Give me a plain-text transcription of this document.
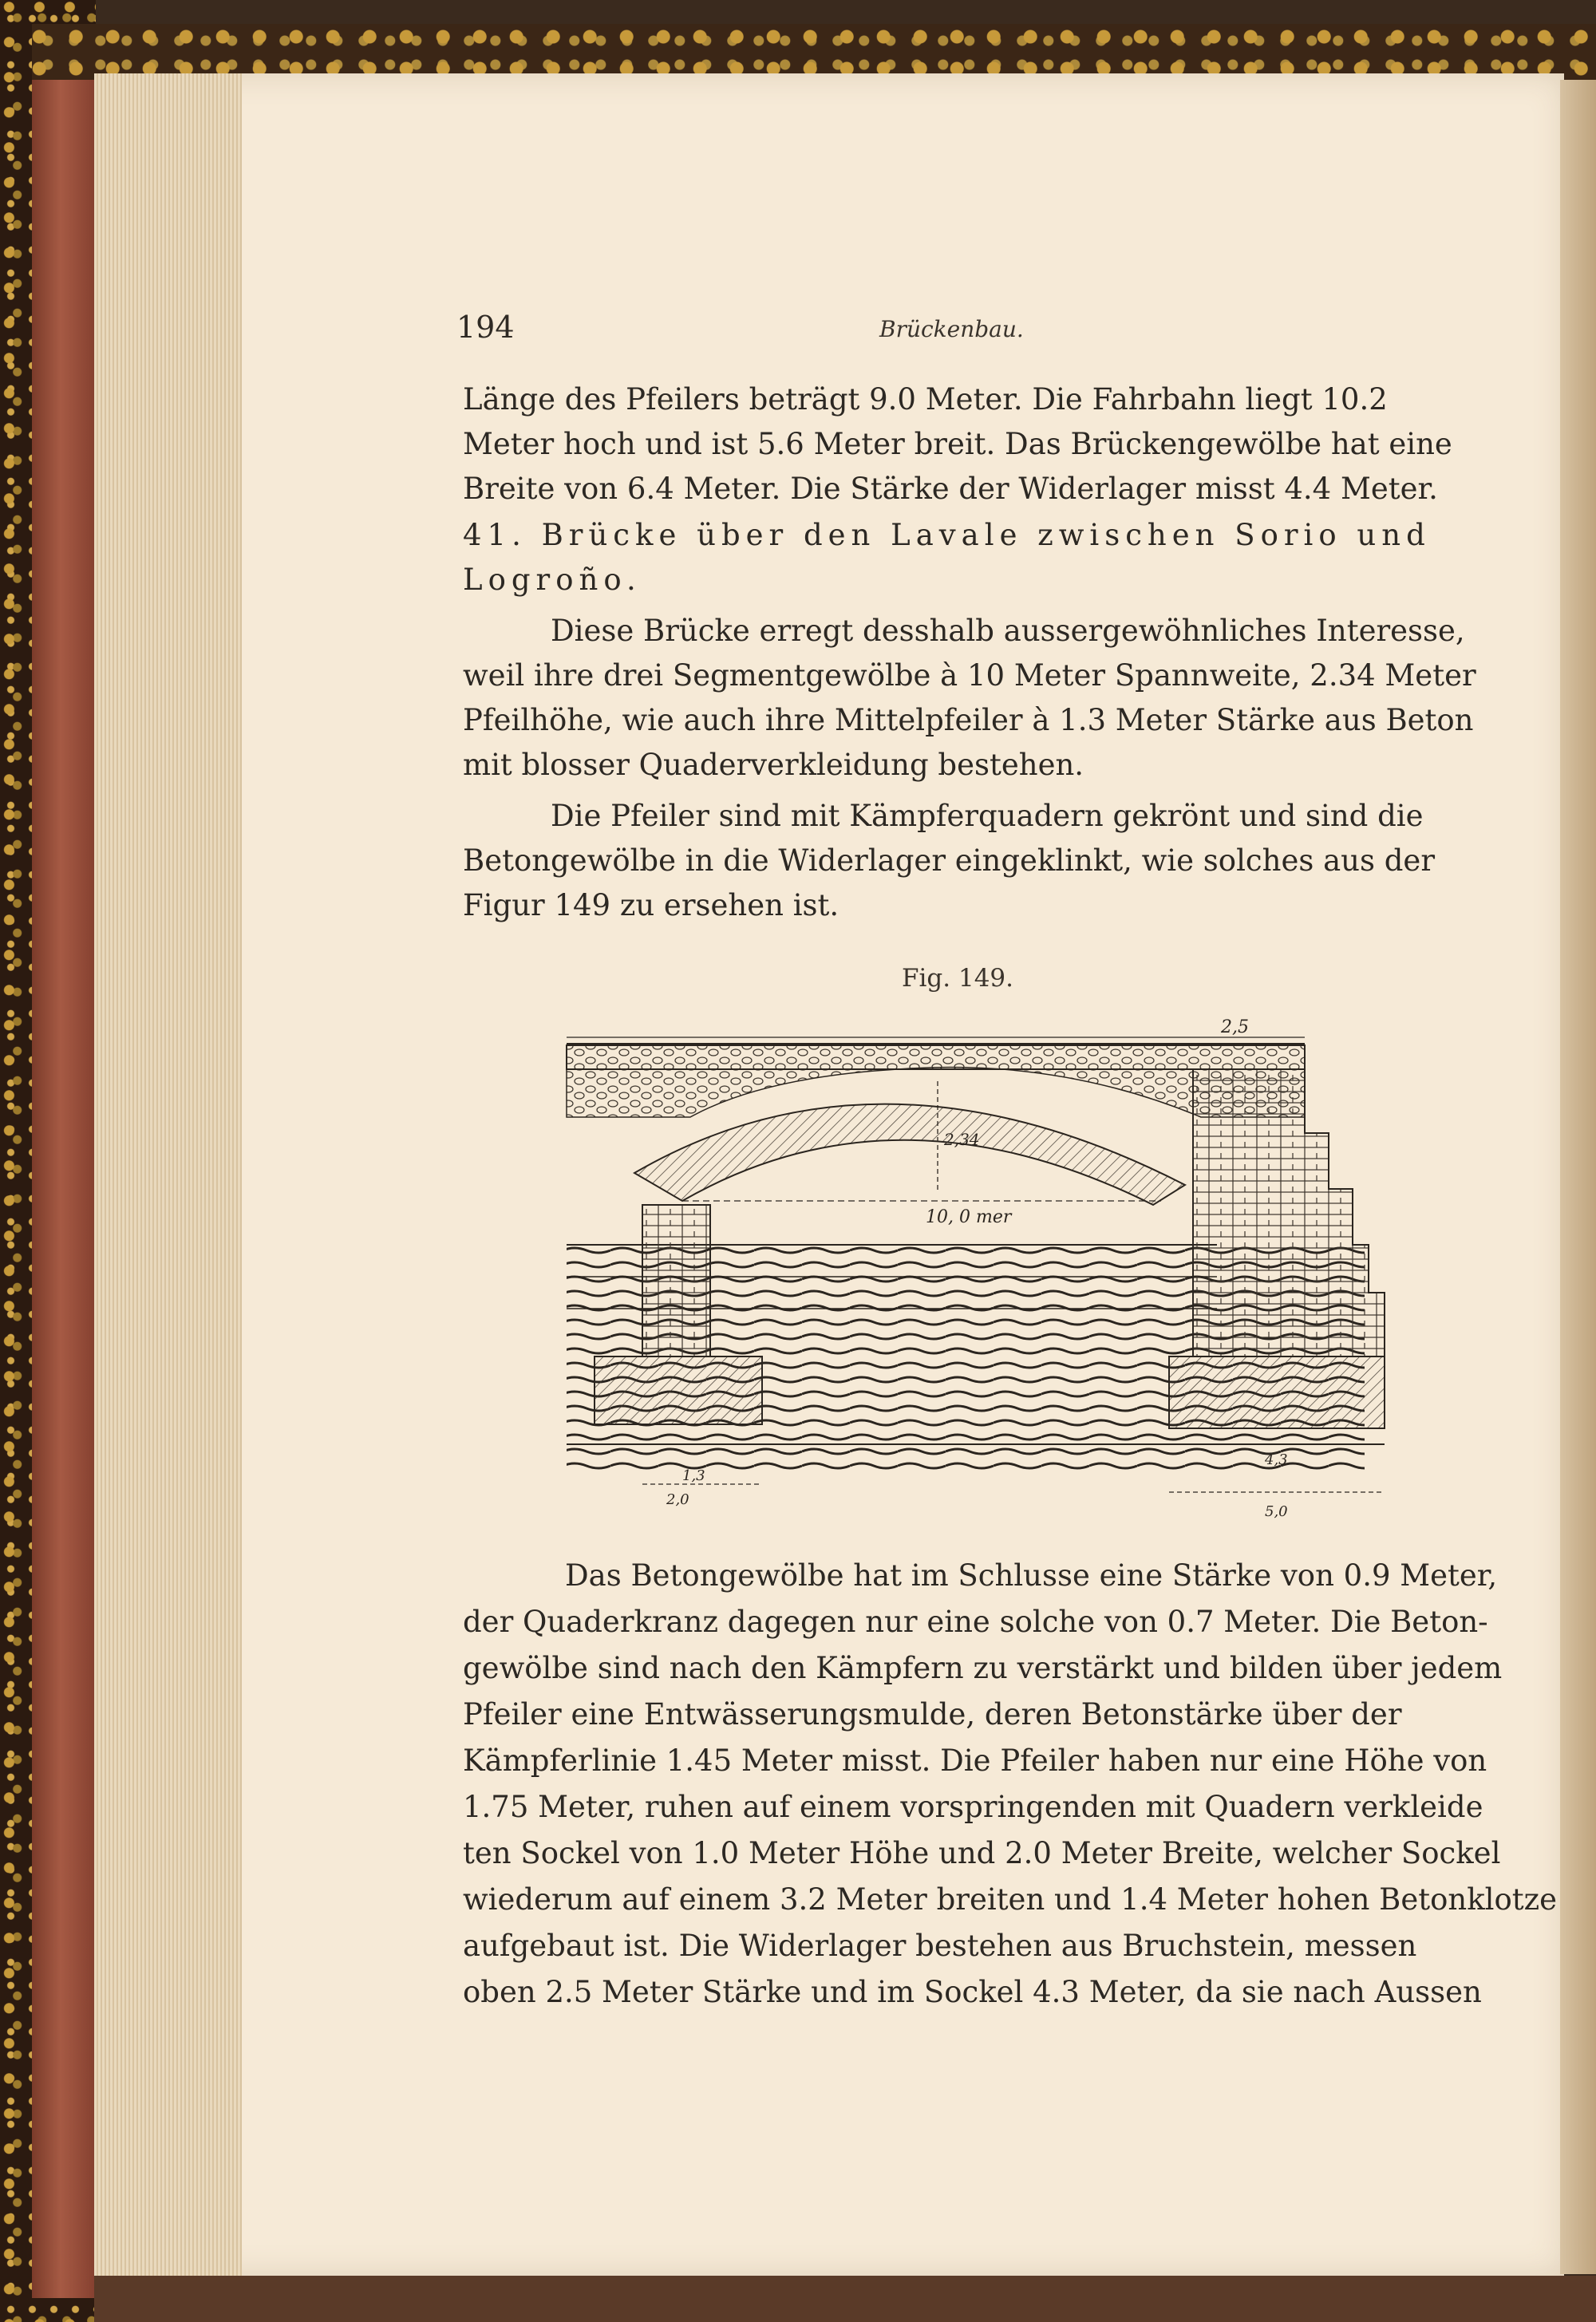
194	Brückenbau.
Länge des Pfeilers beträgt 9.0 Meter. Die Fahrbahn liegt 10.2
Meter hoch und ist 5.6 Meter breit. Das Brückengewölbe hat eine
Breite von 6.4 Meter. Die Stärke der Widerlager misst 4.4 Meter.
41. Brücke über den Lavale zwischen Sorio und
Logroño.
Diese Brücke erregt desshalb aussergewöhnliches Interesse,
weil ihre drei Segmentgewölbe à 10 Meter Spannweite, 2.34 Meter
Pfeilhöhe, wie auch ihre Mittelpfeiler à 1.3 Meter Stärke aus Beton
mit blosser Quaderverkleidung bestehen.
Die Pfeiler sind mit Kämpferquadern gekrönt und sind die
Betongewölbe in die Widerlager eingeklinkt, wie solches aus der
Figur 149 zu ersehen ist.
Fig. 149.
2,5
2,34
10, 0 mer
1,3
2,0
4,3
5,0
Das Betongewölbe hat im Schlusse eine Stärke von 0.9 Meter,
der Quaderkranz dagegen nur eine solche von 0.7 Meter. Die Beton-
gewölbe sind nach den Kämpfern zu verstärkt und bilden über jedem
Pfeiler eine Entwässerungsmulde, deren Betonstärke über der
Kämpferlinie 1.45 Meter misst. Die Pfeiler haben nur eine Höhe von
1.75 Meter, ruhen auf einem vorspringenden mit Quadern verkleide
ten Sockel von 1.0 Meter Höhe und 2.0 Meter Breite, welcher Sockel
wiederum auf einem 3.2 Meter breiten und 1.4 Meter hohen Betonklotze
aufgebaut ist. Die Widerlager bestehen aus Bruchstein, messen
oben 2.5 Meter Stärke und im Sockel 4.3 Meter, da sie nach Aussen
